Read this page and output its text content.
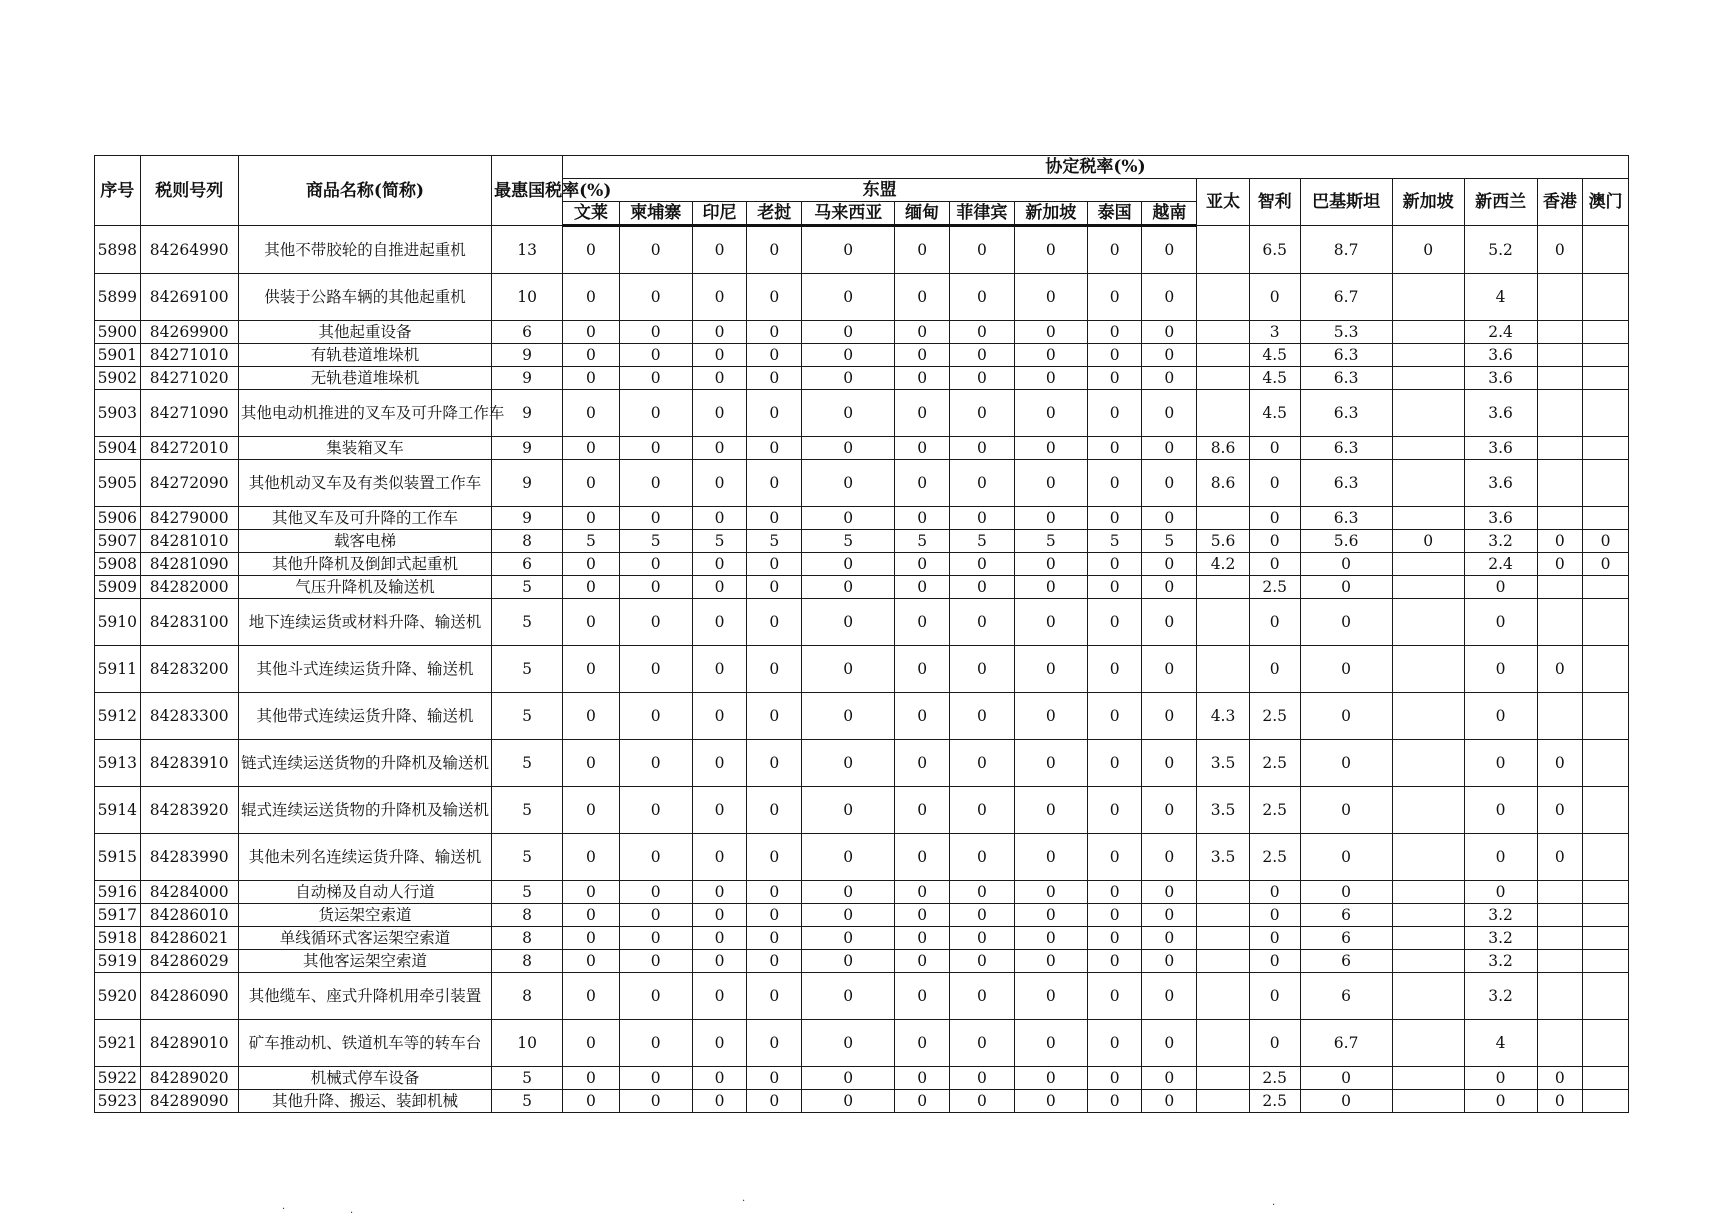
序号	税则号列	商品名称(简称)	最惠国税率(%)	协定税率(%)																
				东盟										亚太	智利	巴基斯坦	新加坡	新西兰	香港	澳门
				文莱	柬埔寨	印尼	老挝	马来西亚	缅甸	菲律宾	新加坡	泰国	越南							
5898	84264990	其他不带胶轮的自推进起重机	13	0	0	0	0	0	0	0	0	0	0		6.5	8.7	0	5.2	0	
5899	84269100	供装于公路车辆的其他起重机	10	0	0	0	0	0	0	0	0	0	0		0	6.7		4		
5900	84269900	其他起重设备	6	0	0	0	0	0	0	0	0	0	0		3	5.3		2.4		
5901	84271010	有轨巷道堆垛机	9	0	0	0	0	0	0	0	0	0	0		4.5	6.3		3.6		
5902	84271020	无轨巷道堆垛机	9	0	0	0	0	0	0	0	0	0	0		4.5	6.3		3.6		
5903	84271090	其他电动机推进的叉车及可升降工作车	9	0	0	0	0	0	0	0	0	0	0		4.5	6.3		3.6		
5904	84272010	集装箱叉车	9	0	0	0	0	0	0	0	0	0	0	8.6	0	6.3		3.6		
5905	84272090	其他机动叉车及有类似装置工作车	9	0	0	0	0	0	0	0	0	0	0	8.6	0	6.3		3.6		
5906	84279000	其他叉车及可升降的工作车	9	0	0	0	0	0	0	0	0	0	0		0	6.3		3.6		
5907	84281010	载客电梯	8	5	5	5	5	5	5	5	5	5	5	5.6	0	5.6	0	3.2	0	0
5908	84281090	其他升降机及倒卸式起重机	6	0	0	0	0	0	0	0	0	0	0	4.2	0	0		2.4	0	0
5909	84282000	气压升降机及输送机	5	0	0	0	0	0	0	0	0	0	0		2.5	0		0		
5910	84283100	地下连续运货或材料升降、输送机	5	0	0	0	0	0	0	0	0	0	0		0	0		0		
5911	84283200	其他斗式连续运货升降、输送机	5	0	0	0	0	0	0	0	0	0	0		0	0		0	0	
5912	84283300	其他带式连续运货升降、输送机	5	0	0	0	0	0	0	0	0	0	0	4.3	2.5	0		0		
5913	84283910	链式连续运送货物的升降机及输送机	5	0	0	0	0	0	0	0	0	0	0	3.5	2.5	0		0	0	
5914	84283920	辊式连续运送货物的升降机及输送机	5	0	0	0	0	0	0	0	0	0	0	3.5	2.5	0		0	0	
5915	84283990	其他未列名连续运货升降、输送机	5	0	0	0	0	0	0	0	0	0	0	3.5	2.5	0		0	0	
5916	84284000	自动梯及自动人行道	5	0	0	0	0	0	0	0	0	0	0		0	0		0		
5917	84286010	货运架空索道	8	0	0	0	0	0	0	0	0	0	0		0	6		3.2		
5918	84286021	单线循环式客运架空索道	8	0	0	0	0	0	0	0	0	0	0		0	6		3.2		
5919	84286029	其他客运架空索道	8	0	0	0	0	0	0	0	0	0	0		0	6		3.2		
5920	84286090	其他缆车、座式升降机用牵引装置	8	0	0	0	0	0	0	0	0	0	0		0	6		3.2		
5921	84289010	矿车推动机、铁道机车等的转车台	10	0	0	0	0	0	0	0	0	0	0		0	6.7		4		
5922	84289020	机械式停车设备	5	0	0	0	0	0	0	0	0	0	0		2.5	0		0	0	
5923	84289090	其他升降、搬运、装卸机械	5	0	0	0	0	0	0	0	0	0	0		2.5	0		0	0	
·	·
·	·
